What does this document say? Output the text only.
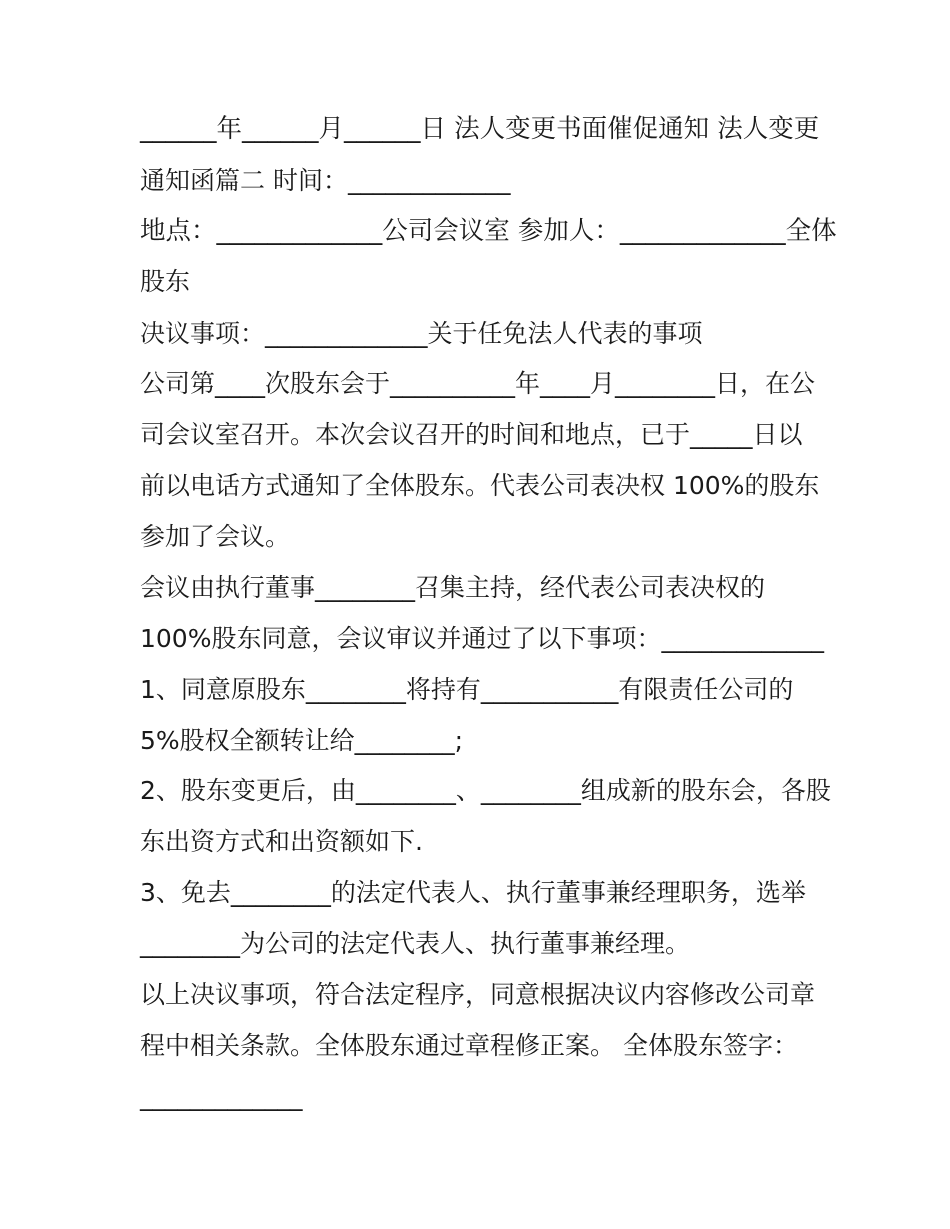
______年______月______日 法人变更书面催促通知 法人变更

通知函篇二 时间：_____________

地点：_____________公司会议室 参加人：_____________全体

股东

决议事项：_____________关于任免法人代表的事项

公司第____次股东会于__________年____月________日，在公

司会议室召开。本次会议召开的时间和地点，已于_____日以

前以电话方式通知了全体股东。代表公司表决权 100%的股东

参加了会议。

会议由执行董事________召集主持，经代表公司表决权的

100%股东同意，会议审议并通过了以下事项：_____________

1、同意原股东________将持有___________有限责任公司的

5%股权全额转让给________;

2、股东变更后，由________、________组成新的股东会，各股

东出资方式和出资额如下.

3、免去________的法定代表人、执行董事兼经理职务，选举

________为公司的法定代表人、执行董事兼经理。

以上决议事项，符合法定程序，同意根据决议内容修改公司章

程中相关条款。全体股东通过章程修正案。 全体股东签字：

_____________
